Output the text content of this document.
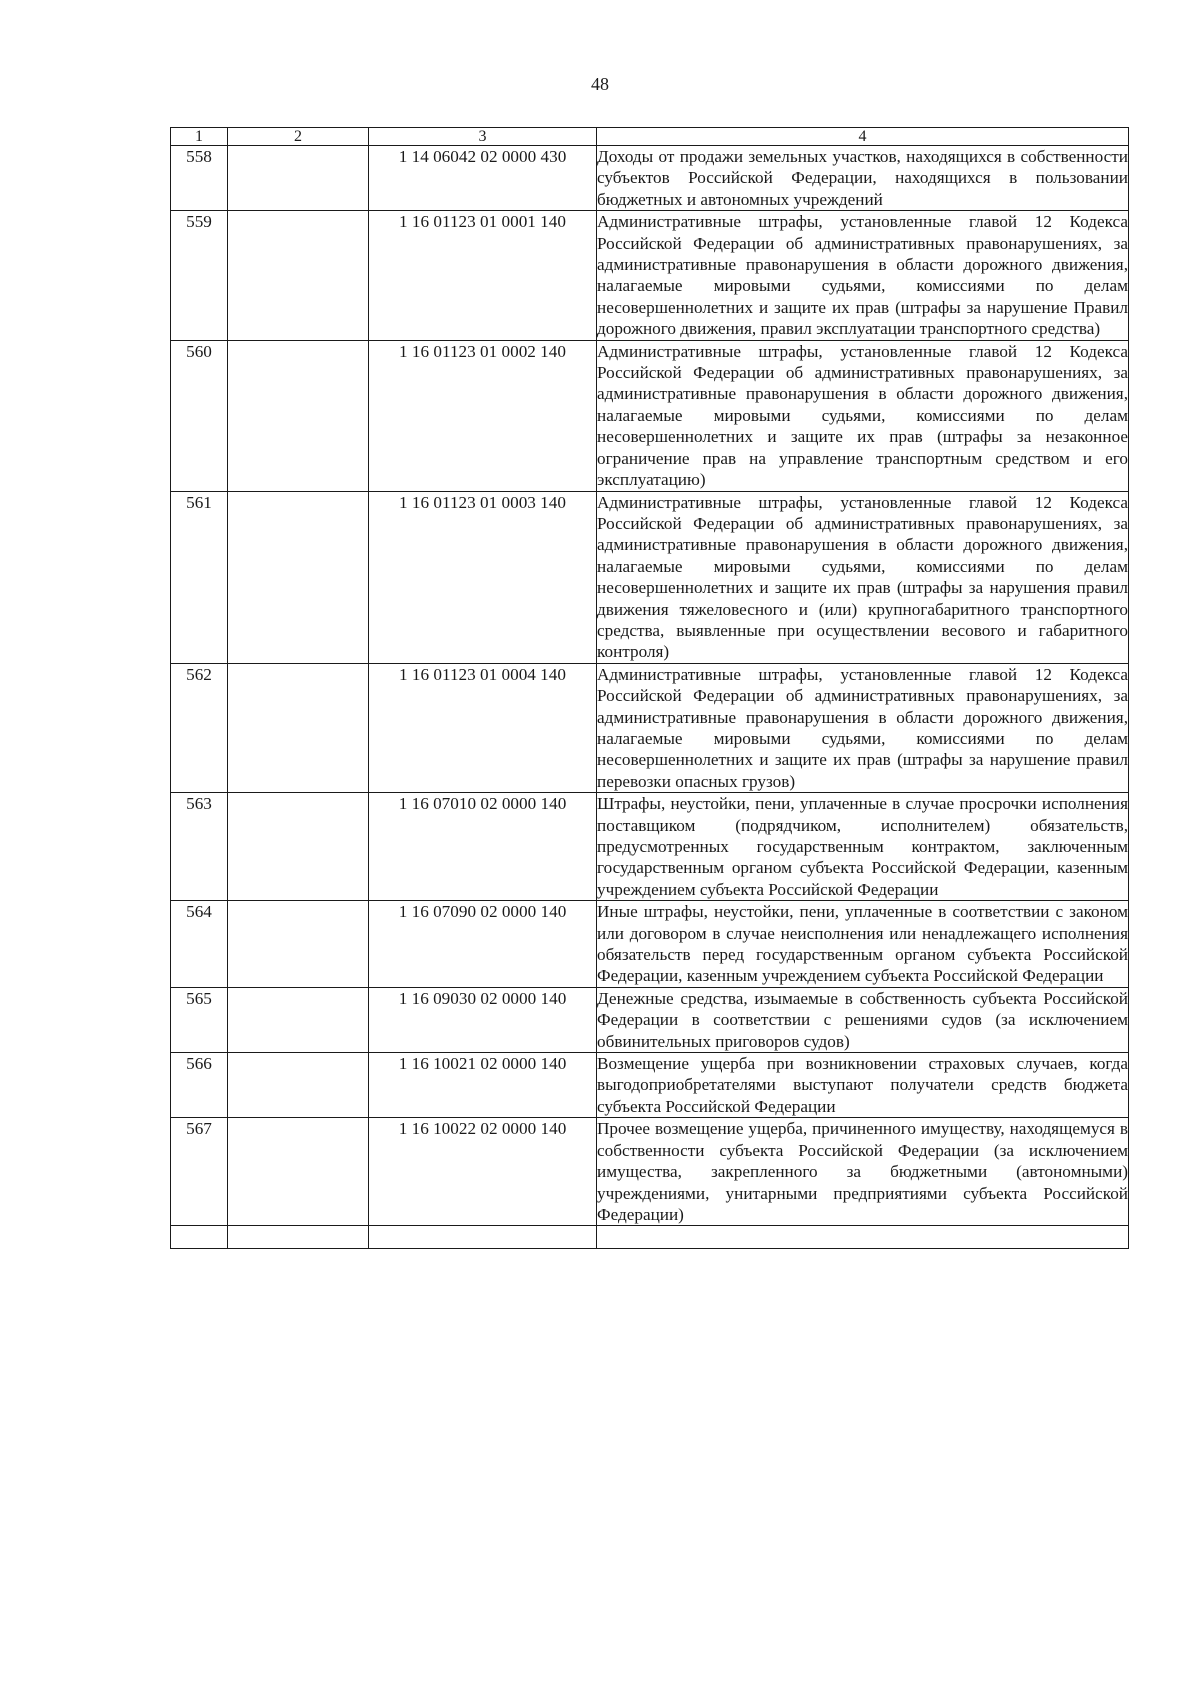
48
1	2	3	4
558		1 14 06042 02 0000 430	Доходы от продажи земельных участков, находящихся в собственности субъектов Российской Федерации, находящихся в пользовании бюджетных и автономных учреждений
559		1 16 01123 01 0001 140	Административные штрафы, установленные главой 12 Кодекса Российской Федерации об административных правонарушениях, за административные правонарушения в области дорожного движения, налагаемые мировыми судьями, комиссиями по делам несовершеннолетних и защите их прав (штрафы за нарушение Правил дорожного движения, правил эксплуатации транспортного средства)
560		1 16 01123 01 0002 140	Административные штрафы, установленные главой 12 Кодекса Российской Федерации об административных правонарушениях, за административные правонарушения в области дорожного движения, налагаемые мировыми судьями, комиссиями по делам несовершеннолетних и защите их прав (штрафы за незаконное ограничение прав на управление транспортным средством и его эксплуатацию)
561		1 16 01123 01 0003 140	Административные штрафы, установленные главой 12 Кодекса Российской Федерации об административных правонарушениях, за административные правонарушения в области дорожного движения, налагаемые мировыми судьями, комиссиями по делам несовершеннолетних и защите их прав (штрафы за нарушения правил движения тяжеловесного и (или) крупногабаритного транспортного средства, выявленные при осуществлении весового и габаритного контроля)
562		1 16 01123 01 0004 140	Административные штрафы, установленные главой 12 Кодекса Российской Федерации об административных правонарушениях, за административные правонарушения в области дорожного движения, налагаемые мировыми судьями, комиссиями по делам несовершеннолетних и защите их прав (штрафы за нарушение правил перевозки опасных грузов)
563		1 16 07010 02 0000 140	Штрафы, неустойки, пени, уплаченные в случае просрочки исполнения поставщиком (подрядчиком, исполнителем) обязательств, предусмотренных государственным контрактом, заключенным государственным органом субъекта Российской Федерации, казенным учреждением субъекта Российской Федерации
564		1 16 07090 02 0000 140	Иные штрафы, неустойки, пени, уплаченные в соответствии с законом или договором в случае неисполнения или ненадлежащего исполнения обязательств перед государственным органом субъекта Российской Федерации, казенным учреждением субъекта Российской Федерации
565		1 16 09030 02 0000 140	Денежные средства, изымаемые в собственность субъекта Российской Федерации в соответствии с решениями судов (за исключением обвинительных приговоров судов)
566		1 16 10021 02 0000 140	Возмещение ущерба при возникновении страховых случаев, когда выгодоприобретателями выступают получатели средств бюджета субъекта Российской Федерации
567		1 16 10022 02 0000 140	Прочее возмещение ущерба, причиненного имуществу, находящемуся в собственности субъекта Российской Федерации (за исключением имущества, закрепленного за бюджетными (автономными) учреждениями, унитарными предприятиями субъекта Российской Федерации)
